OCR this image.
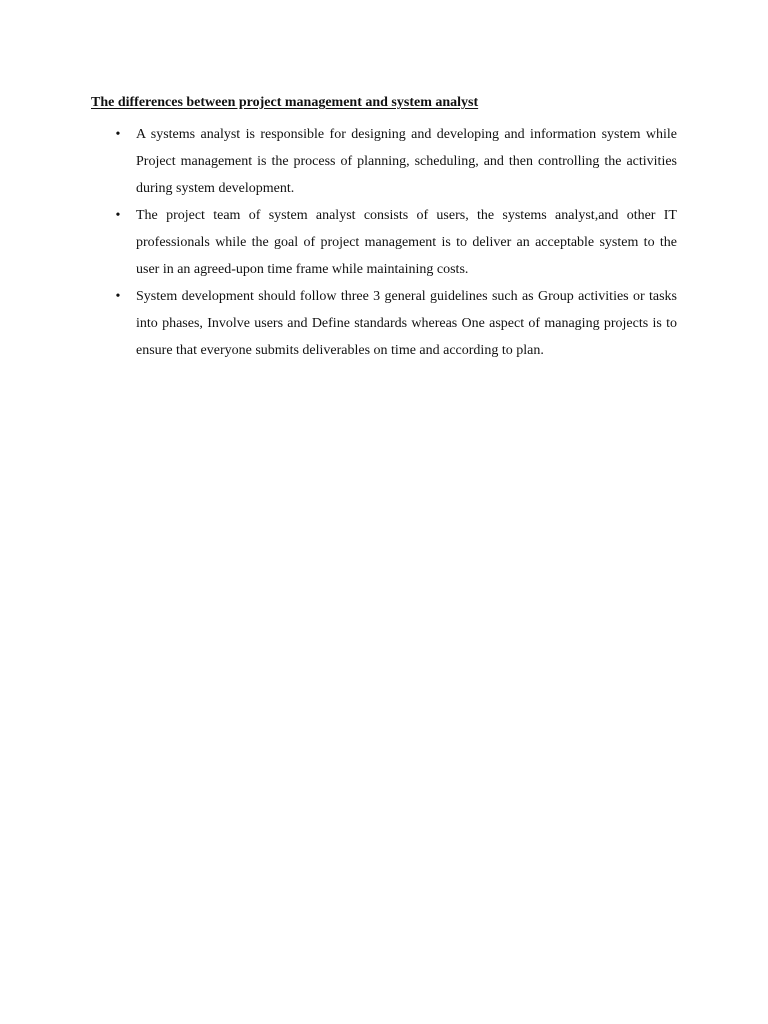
The differences between project management and system analyst
• A systems analyst is responsible for designing and developing and information system while Project management is the process of planning, scheduling, and then controlling the activities during system development.
• The project team of system analyst consists of users, the systems analyst,and other IT professionals while the goal of project management is to deliver an acceptable system to the user in an agreed-upon time frame while maintaining costs.
• System development should follow three 3 general guidelines such as Group activities or tasks into phases, Involve users and Define standards whereas One aspect of managing projects is to ensure that everyone submits deliverables on time and according to plan.
